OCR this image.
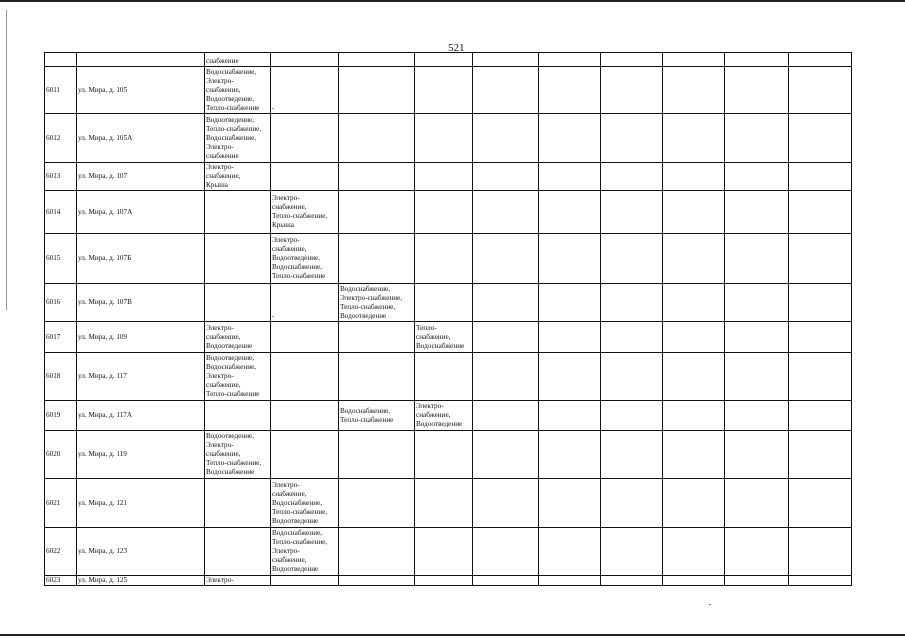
521

		снабжение									

6011	ул. Мира, д. 105	Водоснабжение,
Электро-
снабжение,
Водоотведение,
Тепло-снабжение	-								

6012	ул. Мира, д. 105А	Водоотведение,
Тепло-снабжение,
Водоснабжение,
Электро-
снабжение									

6013	ул. Мира, д. 107	Электро-
снабжение,
Крыша									

6014	ул. Мира, д. 107А		Электро-
снабжение,
Тепло-снабжение,
Крыша								

6015	ул. Мира, д. 107Б		Электро-
снабжение,
Водоотведение,
Водоснабжение,
Тепло-снабжение								

6016	ул. Мира, д. 107В		-	Водоснабжение,
Электро-снабжение,
Тепло-снабжение,
Водоотведение							

6017	ул. Мира, д. 109	Электро-
снабжение,
Водоотведение			Тепло-
снабжение,
Водоснабжение						

6018	ул. Мира, д. 117	Водоотведение,
Водоснабжение,
Электро-
снабжение,
Тепло-снабжение									

6019	ул. Мира, д. 117А			Водоснабжение,
Тепло-снабжение	Электро-
снабжение,
Водоотведение						

6020	ул. Мира, д. 119	Водоотведение,
Электро-
снабжение,
Тепло-снабжение,
Водоснабжение									

6021	ул. Мира, д. 121		Электро-
снабжение,
Водоснабжение,
Тепло-снабжение,
Водоотведение								

6022	ул. Мира, д. 123		Водоснабжение,
Тепло-снабжение,
Электро-
снабжение,
Водоотведение								

6023	ул. Мира, д. 125	Электро-									
